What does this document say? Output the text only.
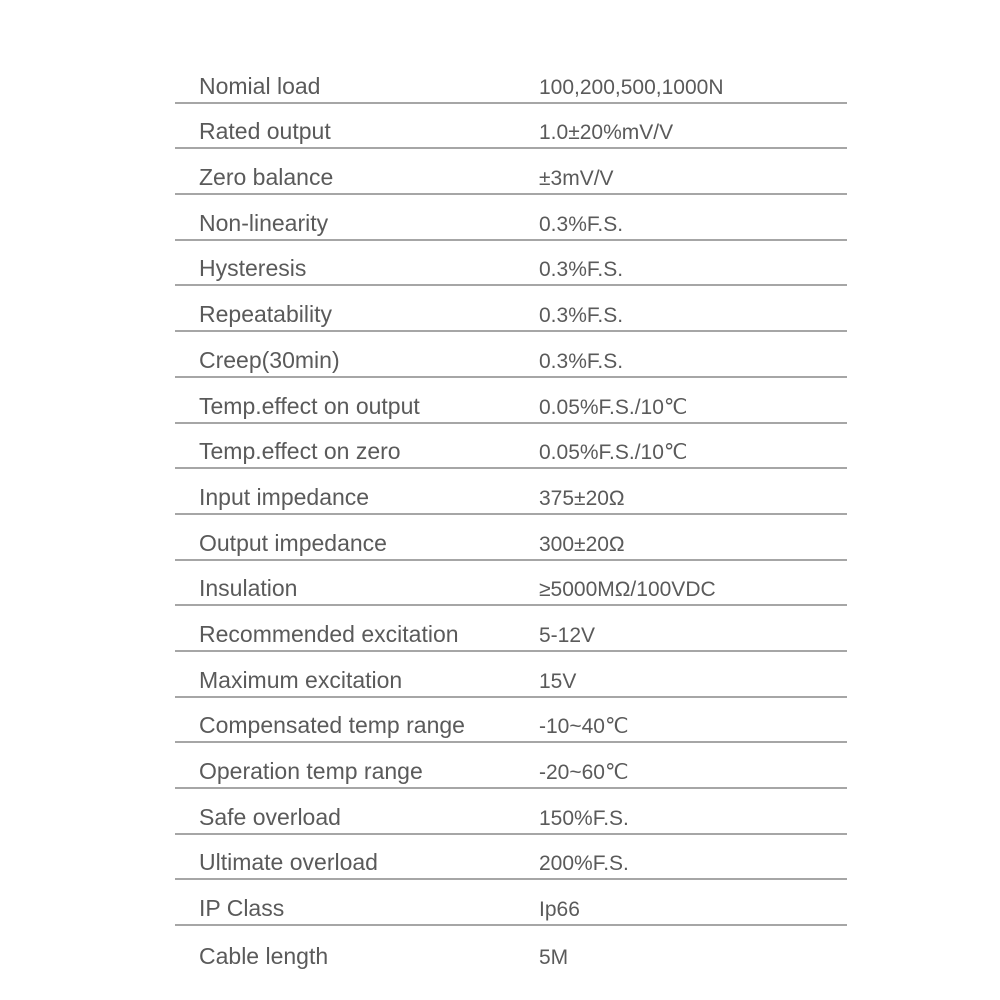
Nomial load	100,200,500,1000N
Rated output	1.0±20%mV/V
Zero balance	±3mV/V
Non-linearity	0.3%F.S.
Hysteresis	0.3%F.S.
Repeatability	0.3%F.S.
Creep(30min)	0.3%F.S.
Temp.effect on output	0.05%F.S./10℃
Temp.effect on zero	0.05%F.S./10℃
Input impedance	375±20Ω
Output impedance	300±20Ω
Insulation	≥5000MΩ/100VDC
Recommended excitation	5-12V
Maximum excitation	15V
Compensated temp range	-10~40℃
Operation temp range	-20~60℃
Safe overload	150%F.S.
Ultimate overload	200%F.S.
IP Class	Ip66
Cable length	5M
